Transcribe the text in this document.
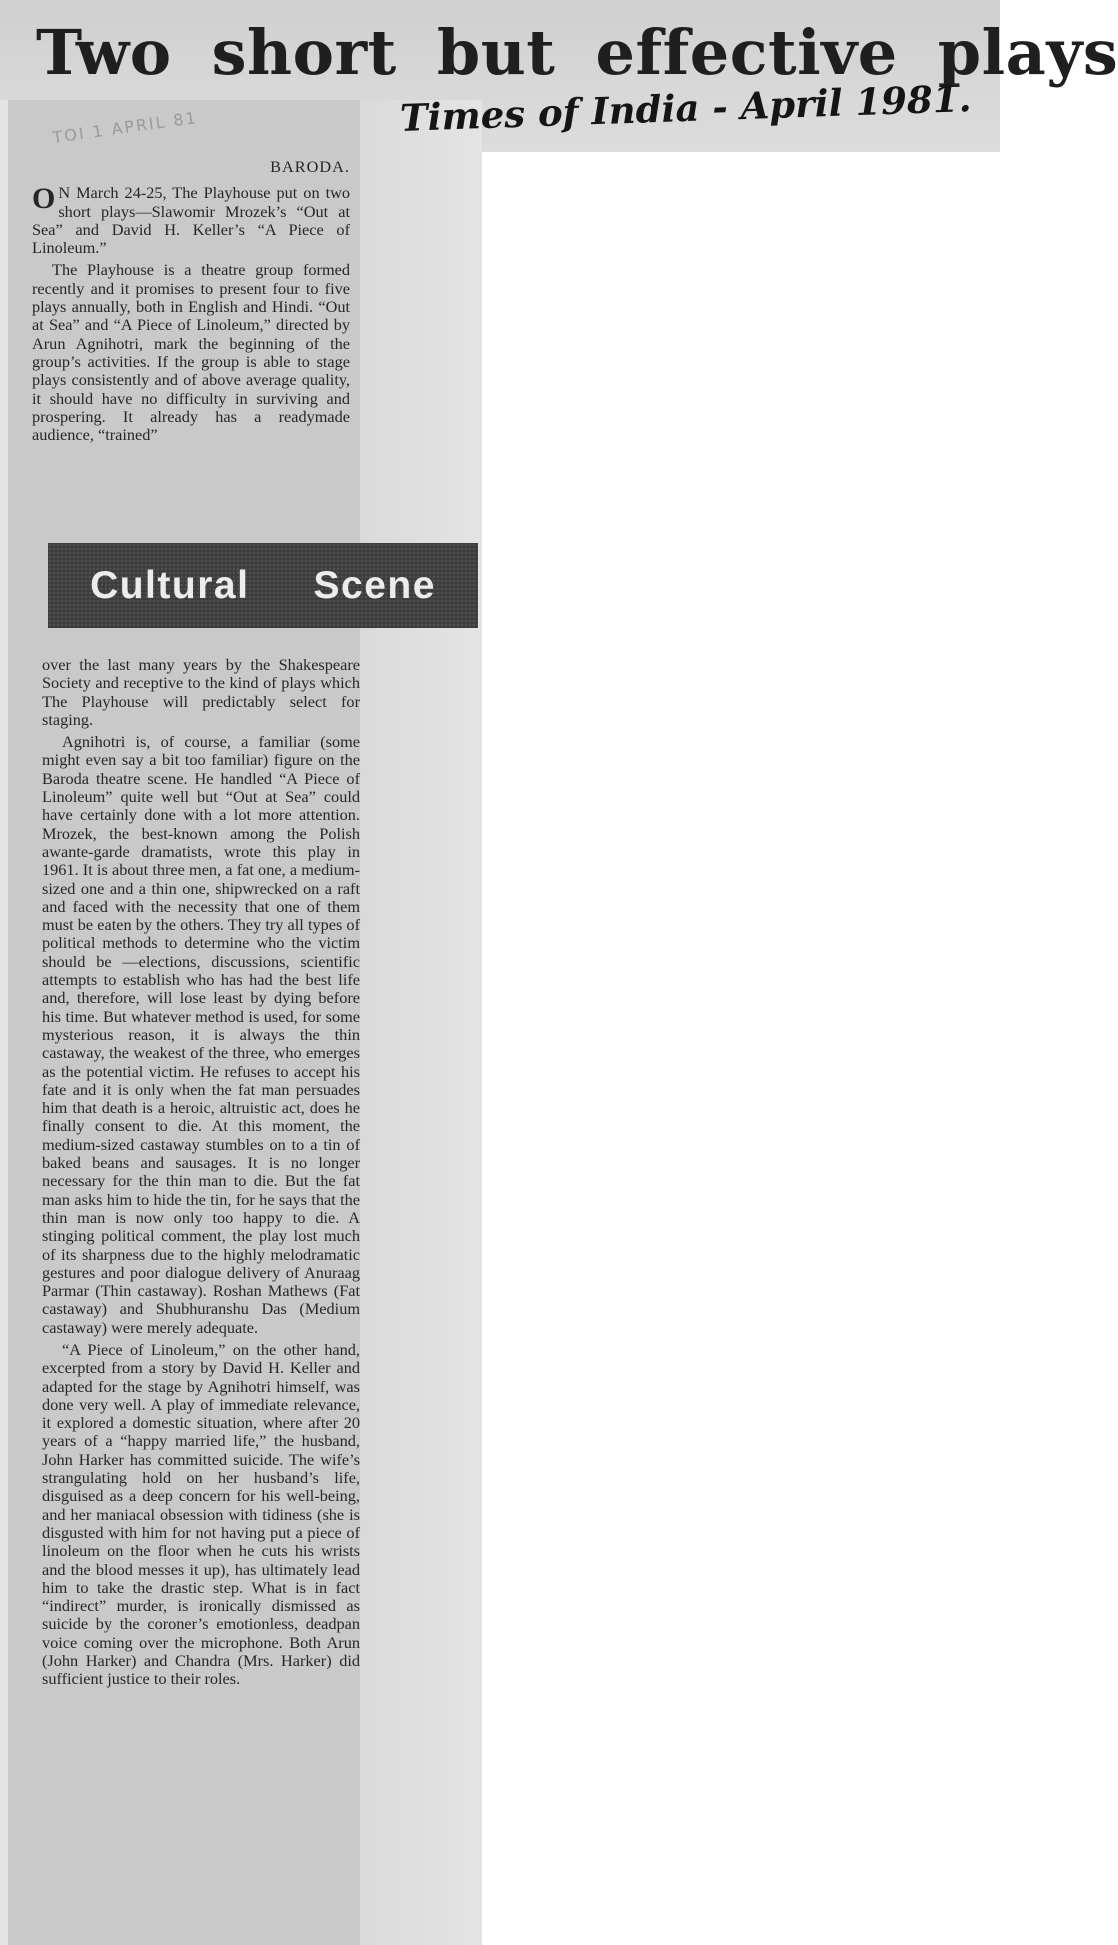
Two short but effective plays
Times of India - April 1981.
TOI 1 APRIL 81

BARODA.

ON March 24-25, The Playhouse put on two short plays—Slawomir Mrozek’s “Out at Sea” and David H. Keller’s “A Piece of Linoleum.”

The Playhouse is a theatre group formed recently and it promises to present four to five plays annually, both in English and Hindi. “Out at Sea” and “A Piece of Linoleum,” directed by Arun Agnihotri, mark the beginning of the group’s activities. If the group is able to stage plays consistently and of above average quality, it should have no difficulty in surviving and prospering. It already has a readymade audience, “trained”

Cultural Scene

over the last many years by the Shakespeare Society and receptive to the kind of plays which The Playhouse will predictably select for staging.

Agnihotri is, of course, a familiar (some might even say a bit too familiar) figure on the Baroda theatre scene. He handled “A Piece of Linoleum” quite well but “Out at Sea” could have certainly done with a lot more attention. Mrozek, the best-known among the Polish awante-garde dramatists, wrote this play in 1961. It is about three men, a fat one, a medium-sized one and a thin one, shipwrecked on a raft and faced with the necessity that one of them must be eaten by the others. They try all types of political methods to determine who the victim should be —elections, discussions, scientific attempts to establish who has had the best life and, therefore, will lose least by dying before his time. But whatever method is used, for some mysterious reason, it is always the thin castaway, the weakest of the three, who emerges as the potential victim. He refuses to accept his fate and it is only when the fat man persuades him that death is a heroic, altruistic act, does he finally consent to die. At this moment, the medium-sized castaway stumbles on to a tin of baked beans and sausages. It is no longer necessary for the thin man to die. But the fat man asks him to hide the tin, for he says that the thin man is now only too happy to die. A stinging political comment, the play lost much of its sharpness due to the highly melodramatic gestures and poor dialogue delivery of Anuraag Parmar (Thin castaway). Roshan Mathews (Fat castaway) and Shubhuranshu Das (Medium castaway) were merely adequate.

“A Piece of Linoleum,” on the other hand, excerpted from a story by David H. Keller and adapted for the stage by Agnihotri himself, was done very well. A play of immediate relevance, it explored a domestic situation, where after 20 years of a “happy married life,” the husband, John Harker has committed suicide. The wife’s strangulating hold on her husband’s life, disguised as a deep concern for his well-being, and her maniacal obsession with tidiness (she is disgusted with him for not having put a piece of linoleum on the floor when he cuts his wrists and the blood messes it up), has ultimately lead him to take the drastic step. What is in fact “indirect” murder, is ironically dismissed as suicide by the coroner’s emotionless, deadpan voice coming over the microphone. Both Arun (John Harker) and Chandra (Mrs. Harker) did sufficient justice to their roles.
